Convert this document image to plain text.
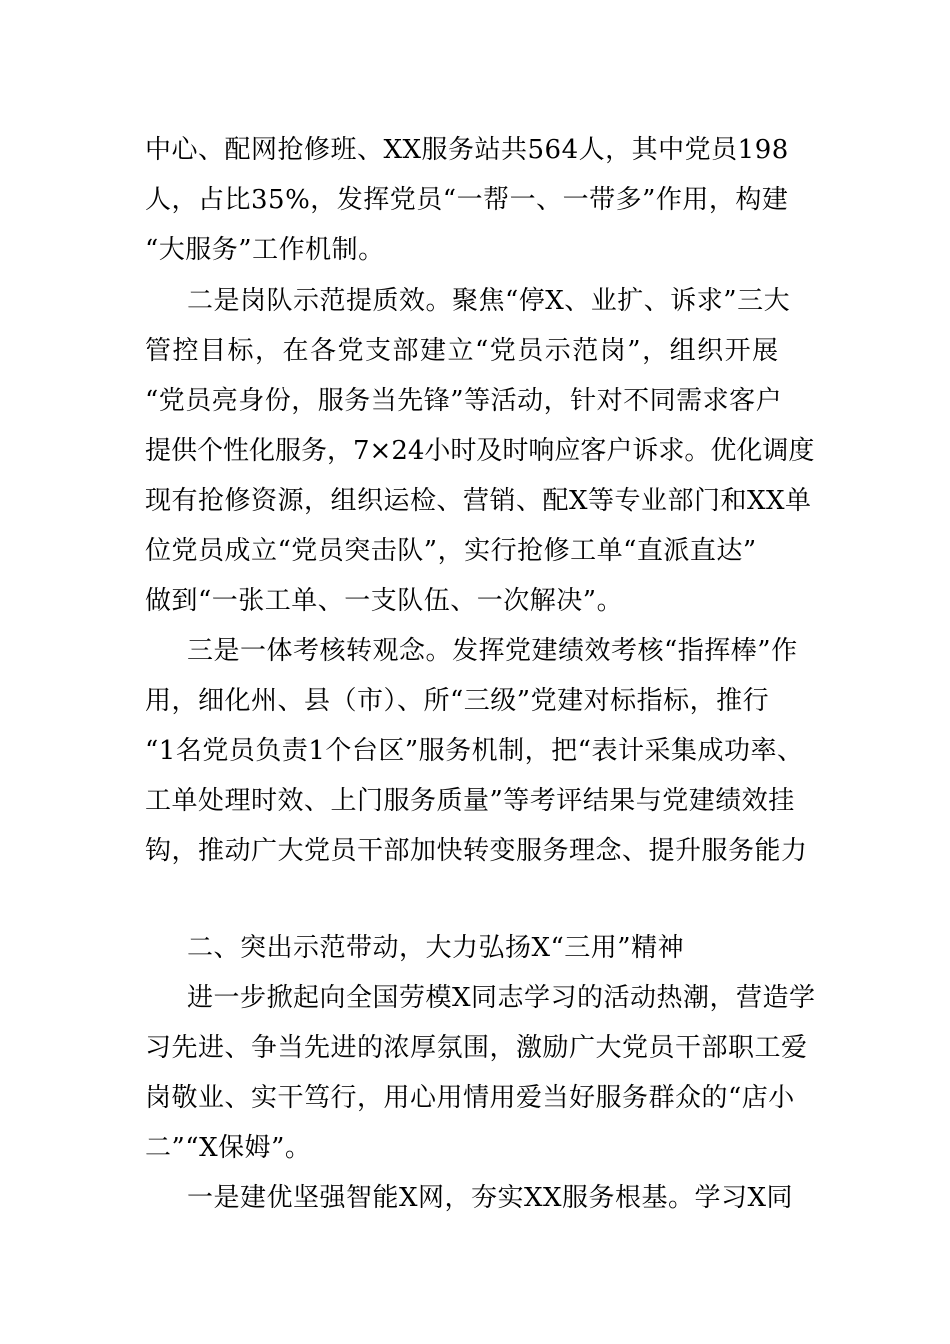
中心、配网抢修班、XX服务站共564人，其中党员198
人，占比35%，发挥党员“一帮一、一带多”作用，构建
“大服务”工作机制。
二是岗队示范提质效。聚焦“停X、业扩、诉求”三大
管控目标，在各党支部建立“党员示范岗”，组织开展
“党员亮身份，服务当先锋”等活动，针对不同需求客户
提供个性化服务，7×24小时及时响应客户诉求。优化调度
现有抢修资源，组织运检、营销、配X等专业部门和XX单
位党员成立“党员突击队”，实行抢修工单“直派直达”
做到“一张工单、一支队伍、一次解决”。
三是一体考核转观念。发挥党建绩效考核“指挥棒”作
用，细化州、县（市）、所“三级”党建对标指标，推行
“1名党员负责1个台区”服务机制，把“表计采集成功率、
工单处理时效、上门服务质量”等考评结果与党建绩效挂
钩，推动广大党员干部加快转变服务理念、提升服务能力
二、突出示范带动，大力弘扬X“三用”精神
进一步掀起向全国劳模X同志学习的活动热潮，营造学
习先进、争当先进的浓厚氛围，激励广大党员干部职工爱
岗敬业、实干笃行，用心用情用爱当好服务群众的“店小
二”“X保姆”。
一是建优坚强智能X网，夯实XX服务根基。学习X同
